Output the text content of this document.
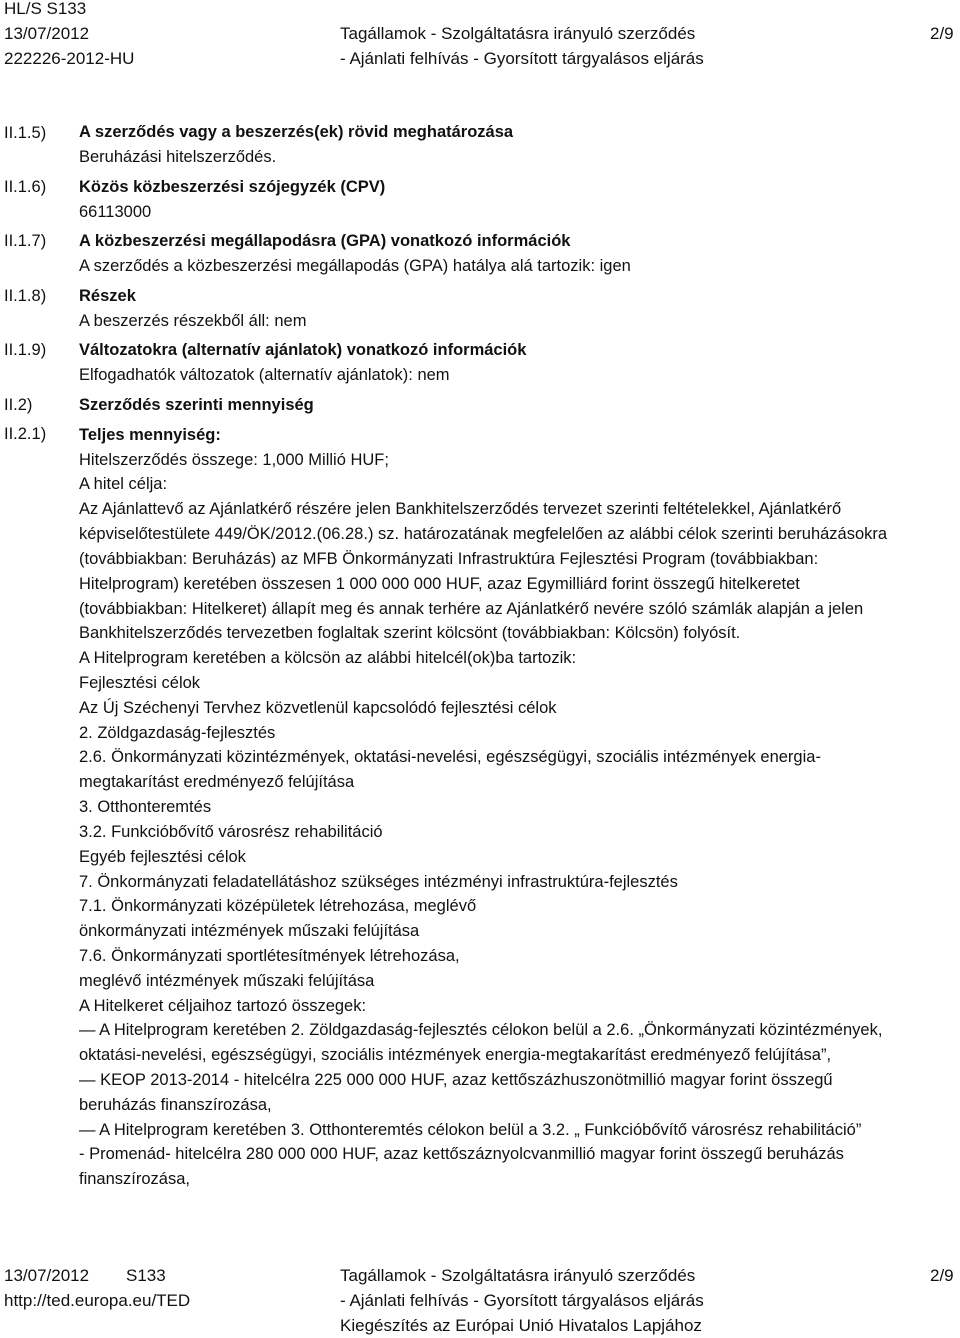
HL/S S133
13/07/2012
222226-2012-HU
Tagállamok - Szolgáltatásra irányuló szerződés
- Ajánlati felhívás - Gyorsított tárgyalásos eljárás
2/9
II.1.5)
II.1.6)
II.1.7)
II.1.8)
II.1.9)
II.2)
II.2.1)
A szerződés vagy a beszerzés(ek) rövid meghatározása
Beruházási hitelszerződés.
Közös közbeszerzési szójegyzék (CPV)
66113000
A közbeszerzési megállapodásra (GPA) vonatkozó információk
A szerződés a közbeszerzési megállapodás (GPA) hatálya alá tartozik: igen
Részek
A beszerzés részekből áll: nem
Változatokra (alternatív ajánlatok) vonatkozó információk
Elfogadhatók változatok (alternatív ajánlatok): nem
Szerződés szerinti mennyiség
Teljes mennyiség:
Hitelszerződés összege: 1,000 Millió HUF;
A hitel célja:
Az Ajánlattevő az Ajánlatkérő részére jelen Bankhitelszerződés tervezet szerinti feltételekkel, Ajánlatkérő
képviselőtestülete 449/ÖK/2012.(06.28.) sz. határozatának megfelelően az alábbi célok szerinti beruházásokra
(továbbiakban: Beruházás) az MFB Önkormányzati Infrastruktúra Fejlesztési Program (továbbiakban:
Hitelprogram) keretében összesen 1 000 000 000 HUF, azaz Egymilliárd forint összegű hitelkeretet
(továbbiakban: Hitelkeret) állapít meg és annak terhére az Ajánlatkérő nevére szóló számlák alapján a jelen
Bankhitelszerződés tervezetben foglaltak szerint kölcsönt (továbbiakban: Kölcsön) folyósít.
A Hitelprogram keretében a kölcsön az alábbi hitelcél(ok)ba tartozik:
Fejlesztési célok
Az Új Széchenyi Tervhez közvetlenül kapcsolódó fejlesztési célok
2. Zöldgazdaság-fejlesztés
2.6. Önkormányzati közintézmények, oktatási-nevelési, egészségügyi, szociális intézmények energia-
megtakarítást eredményező felújítása
3. Otthonteremtés
3.2. Funkcióbővítő városrész rehabilitáció
Egyéb fejlesztési célok
7. Önkormányzati feladatellátáshoz szükséges intézményi infrastruktúra-fejlesztés
7.1. Önkormányzati középületek létrehozása, meglévő
önkormányzati intézmények műszaki felújítása
7.6. Önkormányzati sportlétesítmények létrehozása,
meglévő intézmények műszaki felújítása
A Hitelkeret céljaihoz tartozó összegek:
— A Hitelprogram keretében 2. Zöldgazdaság-fejlesztés célokon belül a 2.6. „Önkormányzati közintézmények,
oktatási-nevelési, egészségügyi, szociális intézmények energia-megtakarítást eredményező felújítása”,
— KEOP 2013-2014 - hitelcélra 225 000 000 HUF, azaz kettőszázhuszonötmillió magyar forint összegű
beruházás finanszírozása,
— A Hitelprogram keretében 3. Otthonteremtés célokon belül a 3.2. „ Funkcióbővítő városrész rehabilitáció”
- Promenád- hitelcélra 280 000 000 HUF, azaz kettőszáznyolcvanmillió magyar forint összegű beruházás
finanszírozása,
13/07/2012 S133
http://ted.europa.eu/TED
Tagállamok - Szolgáltatásra irányuló szerződés
- Ajánlati felhívás - Gyorsított tárgyalásos eljárás
Kiegészítés az Európai Unió Hivatalos Lapjához
2/9
